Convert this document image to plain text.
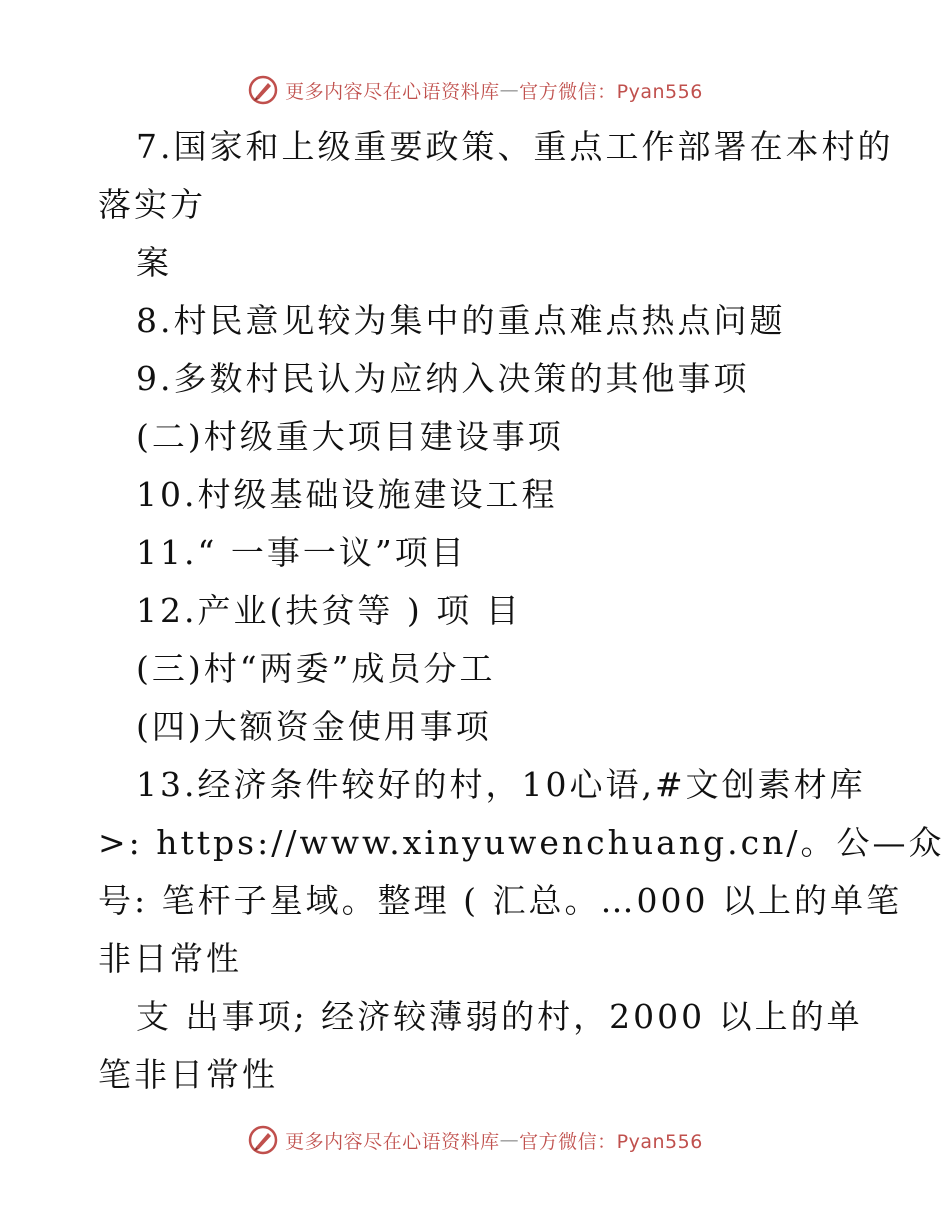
更多内容尽在心语资料库 — 官方微信：Pyan556
7.国家和上级重要政策、重点工作部署在本村的
落实方
案
8.村民意见较为集中的重点难点热点问题
9.多数村民认为应纳入决策的其他事项
(二)村级重大项目建设事项
10.村级基础设施建设工程
11.“ 一事一议”项目
12.产业(扶贫等 ) 项 目
(三)村“两委”成员分工
(四)大额资金使用事项
13.经济条件较好的村，10心语,#文创素材库
>: https://www.xinyuwenchuang.cn/。公—众
号: 笔杆子星域。整理 ( 汇总。…000 以上的单笔
非日常性
支 出事项; 经济较薄弱的村，2000 以上的单
笔非日常性
更多内容尽在心语资料库 — 官方微信：Pyan556
